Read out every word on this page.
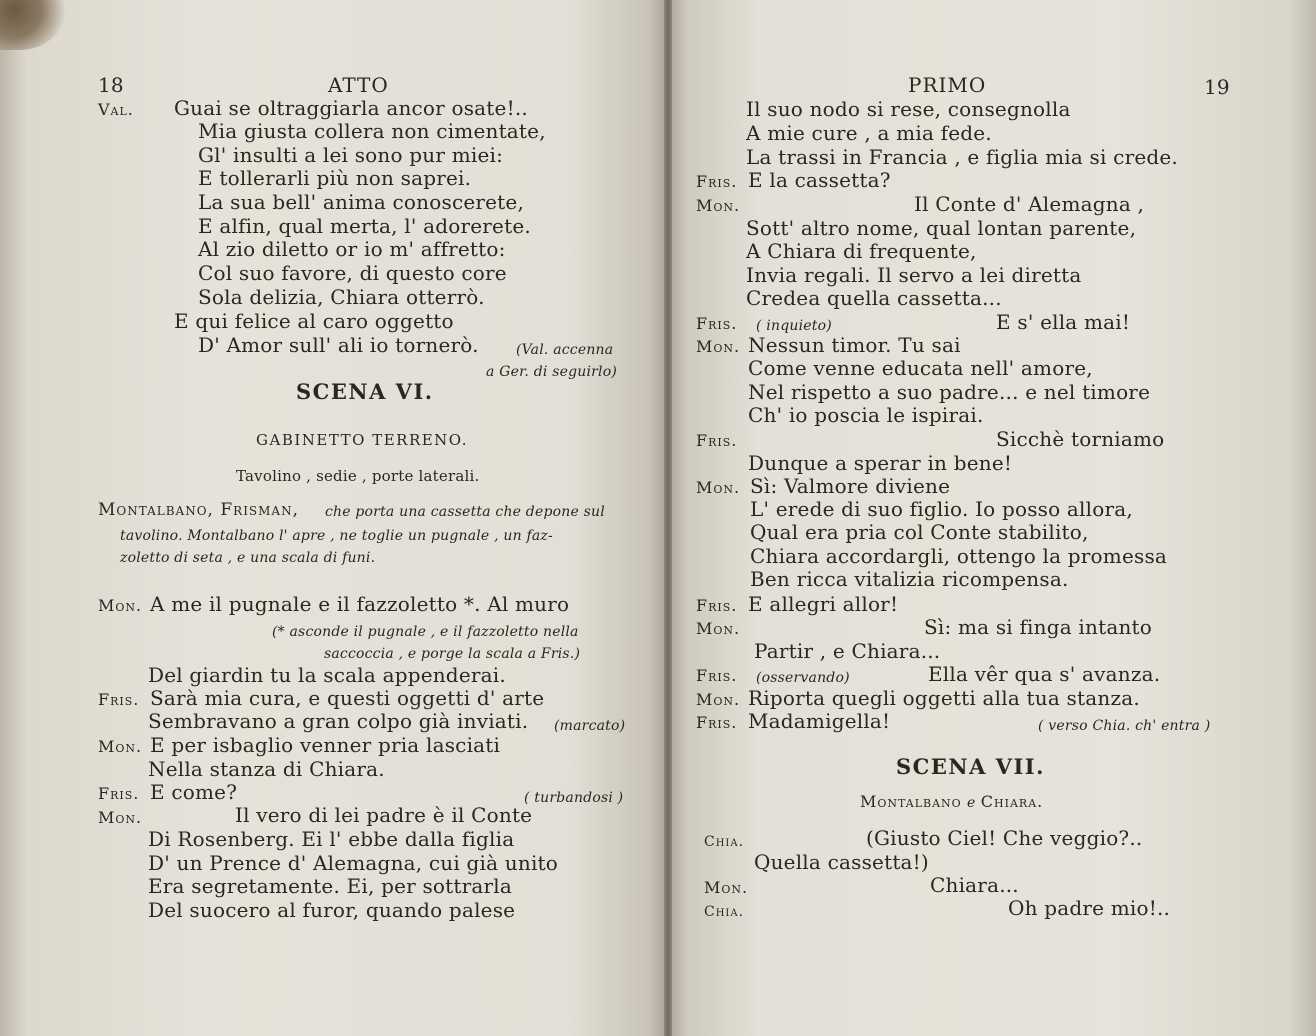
18	ATTO
Val. Guai se oltraggiarla ancor osate!..
Mia giusta collera non cimentate,
Gl' insulti a lei sono pur miei:
E tollerarli più non saprei.
La sua bell' anima conoscerete,
E alfin, qual merta, l' adorerete.
Al zio diletto or io m' affretto:
Col suo favore, di questo core
Sola delizia, Chiara otterrò.
E qui felice al caro oggetto
D' Amor sull' ali io tornerò.	(Val. accenna
a Ger. di seguirlo)
SCENA VI.
GABINETTO TERRENO.
Tavolino , sedie , porte laterali.
Montalbano, Frisman, che porta una cassetta che depone sul
tavolino. Montalbano l' apre , ne toglie un pugnale , un faz-
zoletto di seta , e una scala di funi.
Mon. A me il pugnale e il fazzoletto *. Al muro
(* asconde il pugnale , e il fazzoletto nella
saccoccia , e porge la scala a Fris.)
Del giardin tu la scala appenderai.
Fris. Sarà mia cura, e questi oggetti d' arte
Sembravano a gran colpo già inviati. (marcato)
Mon. E per isbaglio venner pria lasciati
Nella stanza di Chiara.
Fris. E come?	( turbandosi )
Mon.	Il vero di lei padre è il Conte
Di Rosenberg. Ei l' ebbe dalla figlia
D' un Prence d' Alemagna, cui già unito
Era segretamente. Ei, per sottrarla
Del suocero al furor, quando palese
PRIMO	19
Il suo nodo si rese, consegnolla
A mie cure , a mia fede.
La trassi in Francia , e figlia mia si crede.
Fris. E la cassetta?
Mon.	Il Conte d' Alemagna ,
Sott' altro nome, qual lontan parente,
A Chiara di frequente,
Invia regali. Il servo a lei diretta
Credea quella cassetta...
Fris. ( inquieto)	E s' ella mai!
Mon. Nessun timor. Tu sai
Come venne educata nell' amore,
Nel rispetto a suo padre... e nel timore
Ch' io poscia le ispirai.
Fris.	Sicchè torniamo
Dunque a sperar in bene!
Mon. Sì: Valmore diviene
L' erede di suo figlio. Io posso allora,
Qual era pria col Conte stabilito,
Chiara accordargli, ottengo la promessa
Ben ricca vitalizia ricompensa.
Fris. E allegri allor!
Mon.	Sì: ma si finga intanto
Partir , e Chiara...
Fris. (osservando)	Ella vêr qua s' avanza.
Mon. Riporta quegli oggetti alla tua stanza.
Fris. Madamigella!	( verso Chia. ch' entra )
SCENA VII.
Montalbano e Chiara.
Chia.	(Giusto Ciel! Che veggio?..
Quella cassetta!)
Mon.	Chiara...
Chia.	Oh padre mio!..
